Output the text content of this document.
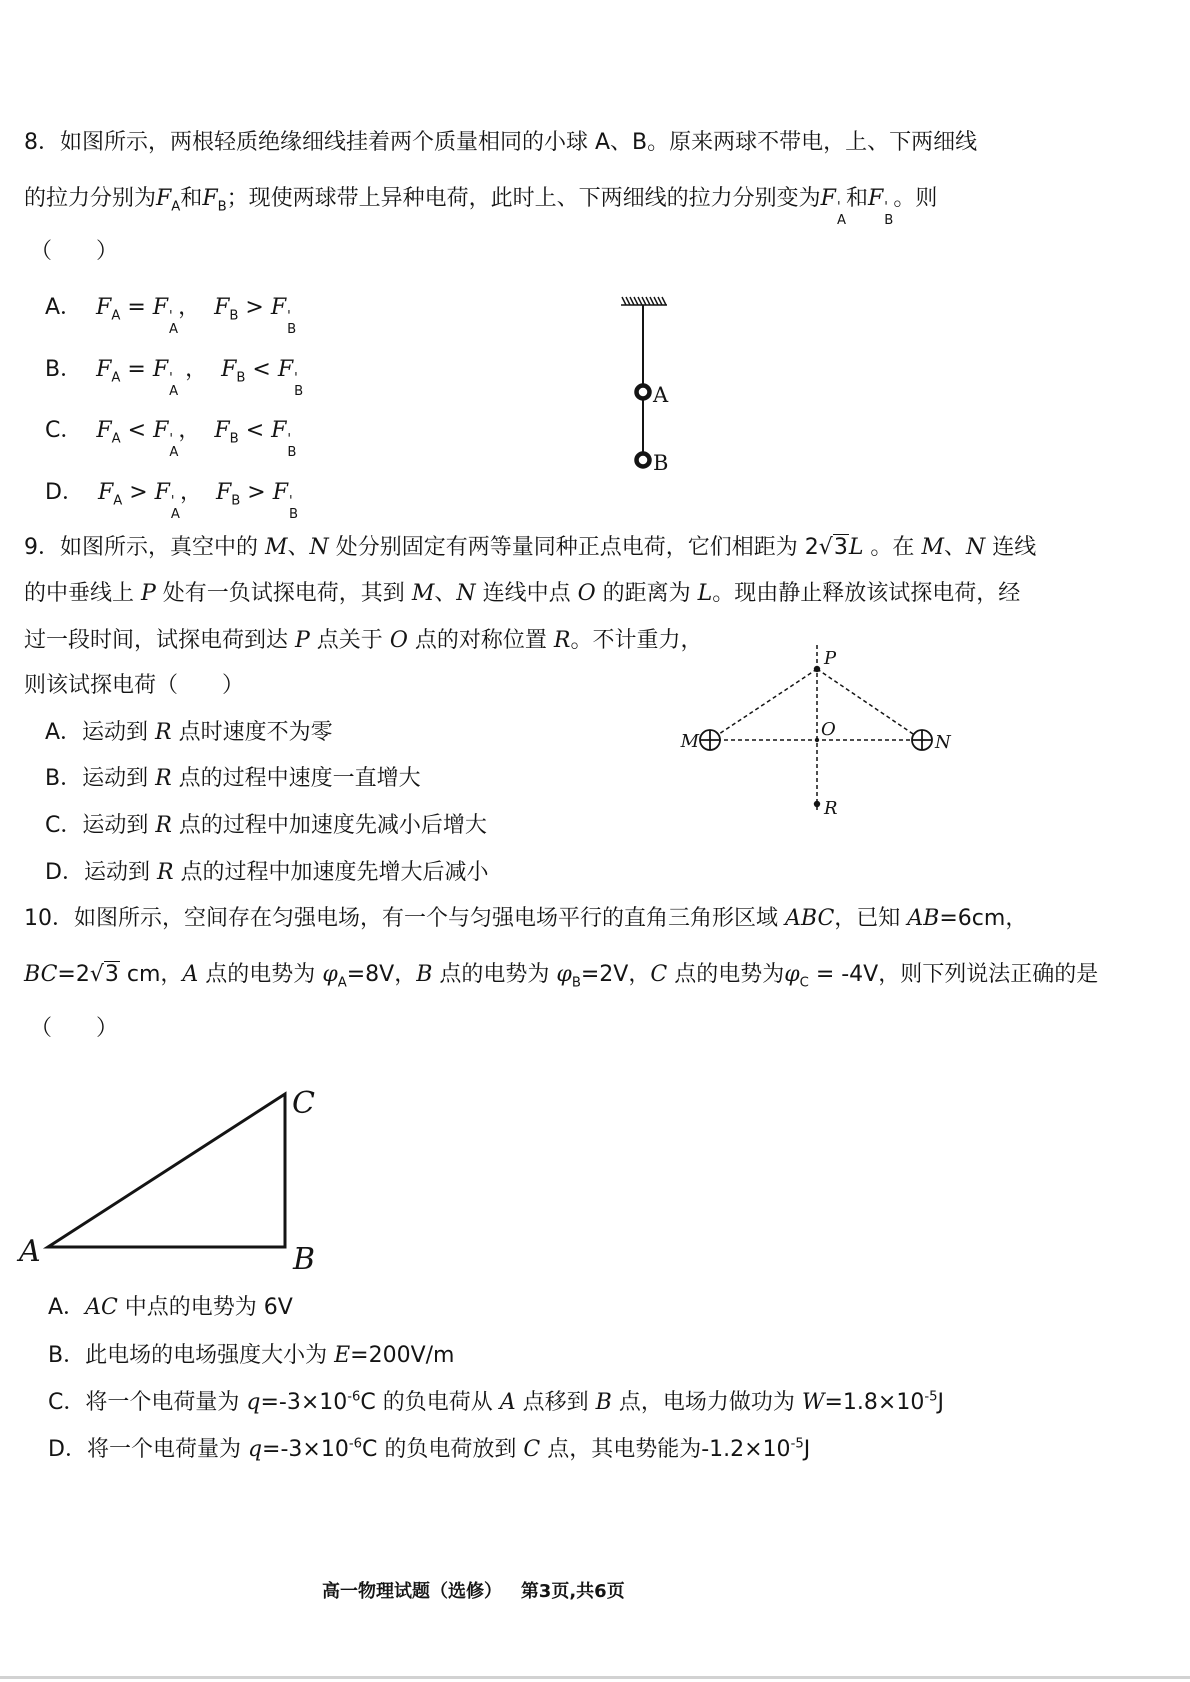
8．如图所示，两根轻质绝缘细线挂着两个质量相同的小球 A、B。原来两球不带电，上、下两细线
的拉力分别为$F_A$和$F_B$；现使两球带上异种电荷，此时上、下两细线的拉力分别变为F '
A
和F '
B
。则
（　　）
A．  $F_A = F$ '
A
，  $F_B > F$ '
B
B．  $F_A = F$ '
A
，  $F_B < F$ '
B
C．  $F_A < F$ '
A
，  $F_B < F$ '
B
D．  $F_A > F$ '
A
，  $F_B > F$ '
B
A
B
9．如图所示，真空中的 M、N 处分别固定有两等量同种正点电荷，它们相距为 2√3L 。在 M、N 连线
的中垂线上 P 处有一负试探电荷，其到 M、N 连线中点 O 的距离为 L。现由静止释放该试探电荷，经
过一段时间，试探电荷到达 P 点关于 O 点的对称位置 R。不计重力，
则该试探电荷（　　）
A．运动到 R 点时速度不为零
B．运动到 R 点的过程中速度一直增大
C．运动到 R 点的过程中加速度先减小后增大
D．运动到 R 点的过程中加速度先增大后减小
P
O
M	N
R
10．如图所示，空间存在匀强电场，有一个与匀强电场平行的直角三角形区域 ABC，已知 AB=6cm，
BC=2√3 cm，A 点的电势为 $\varphi_A=8V$，B 点的电势为 $\varphi_B=2V$，C 点的电势为$\varphi_C = -4V$，则下列说法正确的是
（　　）
A	B
C
A．AC 中点的电势为 6V
B．此电场的电场强度大小为 E=200V/m
C．将一个电荷量为 $q=-3\times 10^{-6}C$ 的负电荷从 A 点移到 B 点，电场力做功为 $W=1.8\times 10^{-5}J$
D．将一个电荷量为 $q=-3\times 10^{-6}C$ 的负电荷放到 C 点，其电势能为$-1.2\times 10^{-5}J$
高一物理试题（选修） 第3页,共6页
